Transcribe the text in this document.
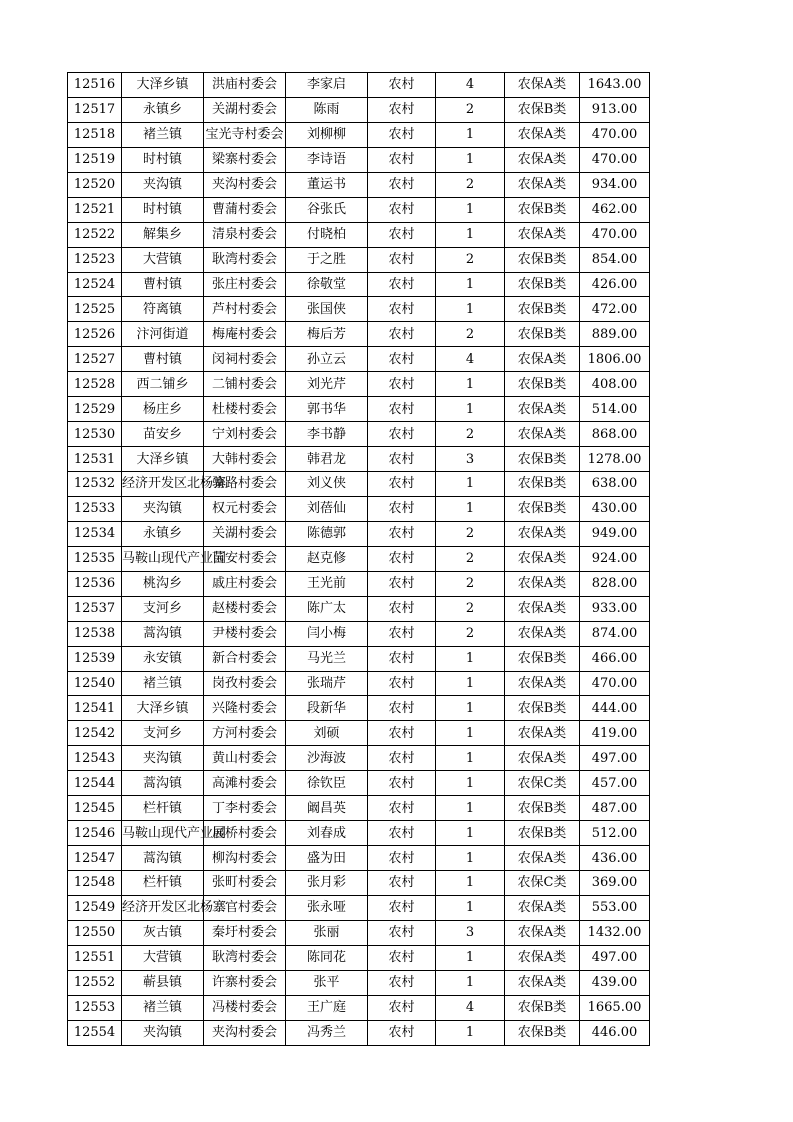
12516	大泽乡镇	洪庙村委会	李家启	农村	4	农保A类	1643.00
12517	永镇乡	关湖村委会	陈雨	农村	2	农保B类	913.00
12518	褚兰镇	宝光寺村委会	刘柳柳	农村	1	农保A类	470.00
12519	时村镇	梁寨村委会	李诗语	农村	1	农保A类	470.00
12520	夹沟镇	夹沟村委会	董运书	农村	2	农保A类	934.00
12521	时村镇	曹蒲村委会	谷张氏	农村	1	农保B类	462.00
12522	解集乡	清泉村委会	付晓柏	农村	1	农保A类	470.00
12523	大营镇	耿湾村委会	于之胜	农村	2	农保B类	854.00
12524	曹村镇	张庄村委会	徐敬堂	农村	1	农保B类	426.00
12525	符离镇	芦村村委会	张国侠	农村	1	农保B类	472.00
12526	汴河街道	梅庵村委会	梅后芳	农村	2	农保B类	889.00
12527	曹村镇	闵祠村委会	孙立云	农村	4	农保A类	1806.00
12528	西二铺乡	二铺村委会	刘光芹	农村	1	农保B类	408.00
12529	杨庄乡	杜楼村委会	郭书华	农村	1	农保A类	514.00
12530	苗安乡	宁刘村委会	李书静	农村	2	农保A类	868.00
12531	大泽乡镇	大韩村委会	韩君龙	农村	3	农保B类	1278.00
12532	经济开发区北杨寨	骑路村委会	刘义侠	农村	1	农保B类	638.00
12533	夹沟镇	权元村委会	刘蓓仙	农村	1	农保B类	430.00
12534	永镇乡	关湖村委会	陈德郭	农村	2	农保A类	949.00
12535	马鞍山现代产业园	苗安村委会	赵克修	农村	2	农保A类	924.00
12536	桃沟乡	戚庄村委会	王光前	农村	2	农保A类	828.00
12537	支河乡	赵楼村委会	陈广太	农村	2	农保A类	933.00
12538	蒿沟镇	尹楼村委会	闫小梅	农村	2	农保A类	874.00
12539	永安镇	新合村委会	马光兰	农村	1	农保B类	466.00
12540	褚兰镇	岗孜村委会	张瑞芹	农村	1	农保A类	470.00
12541	大泽乡镇	兴隆村委会	段新华	农村	1	农保B类	444.00
12542	支河乡	方河村委会	刘硕	农村	1	农保A类	419.00
12543	夹沟镇	黄山村委会	沙海波	农村	1	农保A类	497.00
12544	蒿沟镇	高滩村委会	徐钦臣	农村	1	农保C类	457.00
12545	栏杆镇	丁李村委会	阚昌英	农村	1	农保B类	487.00
12546	马鞍山现代产业园	展桥村委会	刘春成	农村	1	农保B类	512.00
12547	蒿沟镇	柳沟村委会	盛为田	农村	1	农保A类	436.00
12548	栏杆镇	张町村委会	张月彩	农村	1	农保C类	369.00
12549	经济开发区北杨寨	三官村委会	张永哑	农村	1	农保A类	553.00
12550	灰古镇	秦圩村委会	张丽	农村	3	农保A类	1432.00
12551	大营镇	耿湾村委会	陈同花	农村	1	农保A类	497.00
12552	蕲县镇	许寨村委会	张平	农村	1	农保A类	439.00
12553	褚兰镇	冯楼村委会	王广庭	农村	4	农保B类	1665.00
12554	夹沟镇	夹沟村委会	冯秀兰	农村	1	农保B类	446.00
